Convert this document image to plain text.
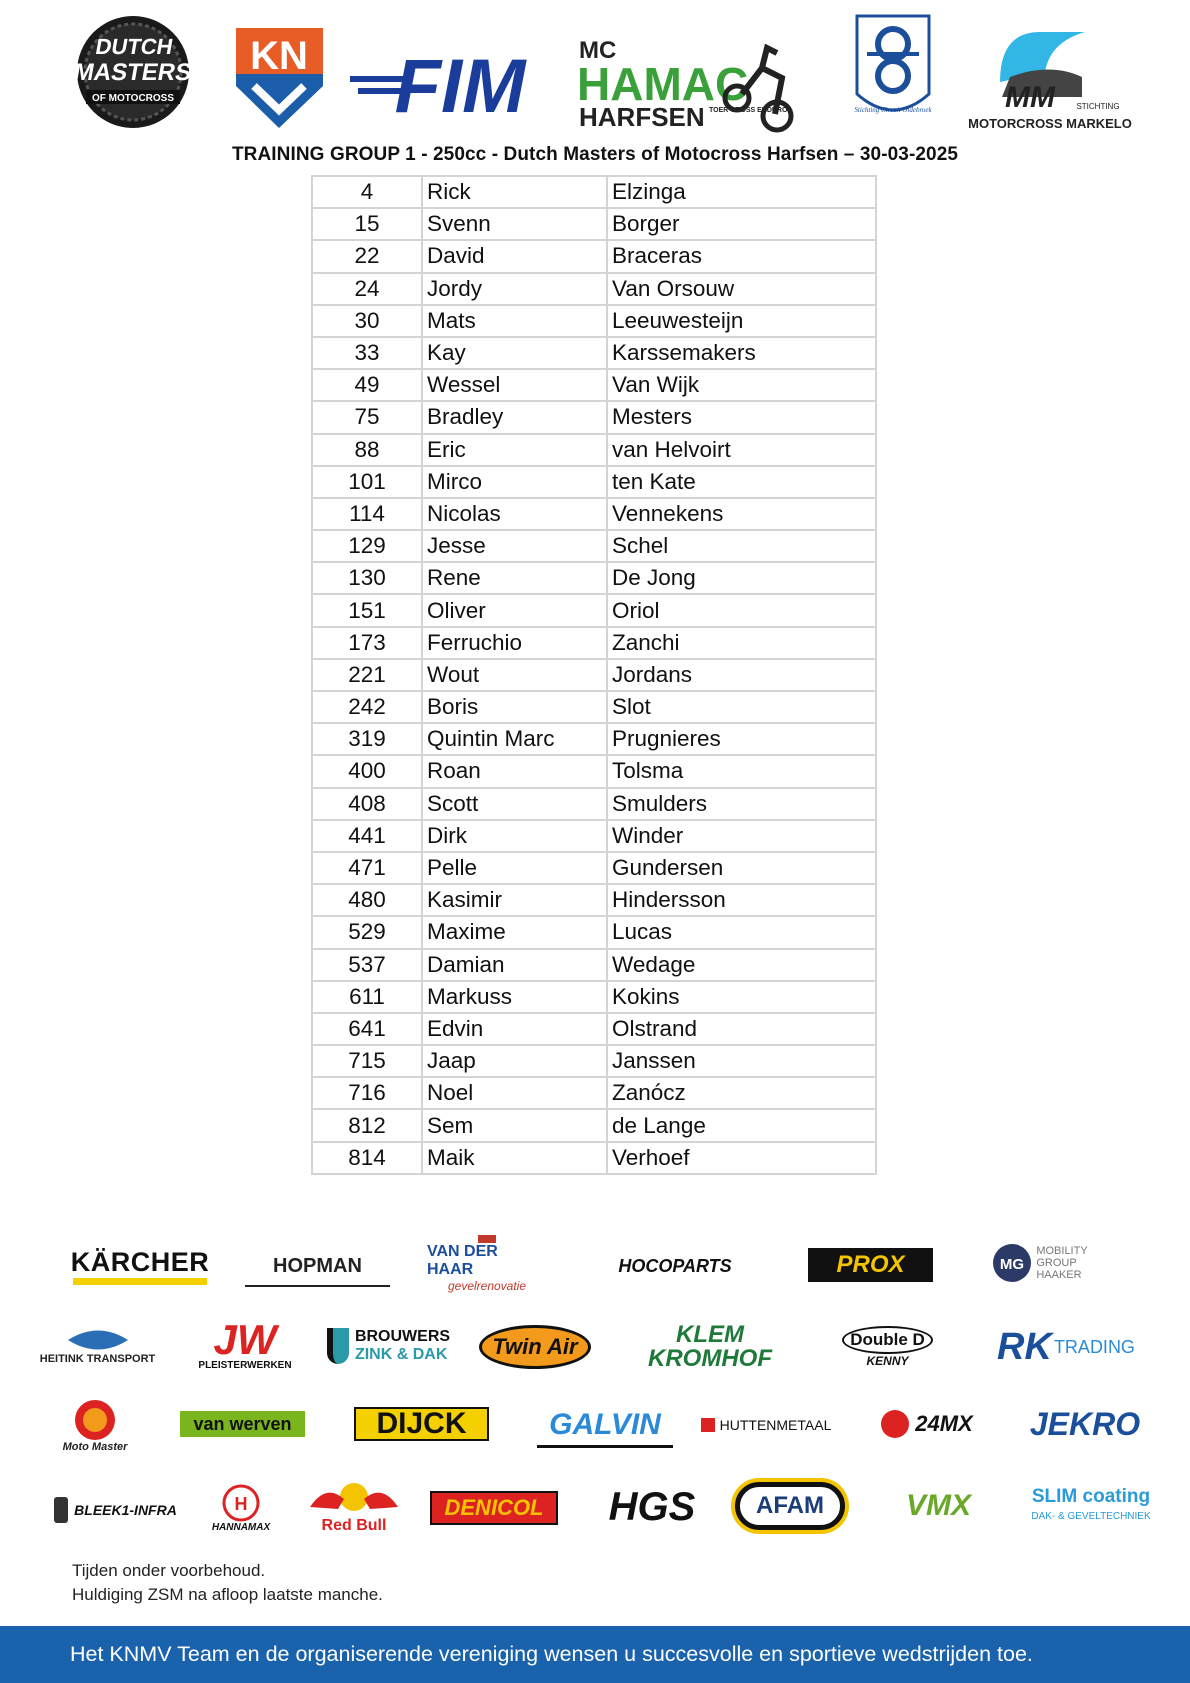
DUTCH
MASTERS
OF MOTOCROSS
KN FIM MC
HAMAC
HARFSEN TOER CROSS ENDURO	Stichting Circuit Oldebroek MM	STICHTING
MOTORCROSS MARKELO
TRAINING GROUP 1 - 250cc - Dutch Masters of Motocross Harfsen – 30-03-2025
4	Rick	Elzinga
15	Svenn	Borger
22	David	Braceras
24	Jordy	Van Orsouw
30	Mats	Leeuwesteijn
33	Kay	Karssemakers
49	Wessel	Van Wijk
75	Bradley	Mesters
88	Eric	van Helvoirt
101	Mirco	ten Kate
114	Nicolas	Vennekens
129	Jesse	Schel
130	Rene	De Jong
151	Oliver	Oriol
173	Ferruchio	Zanchi
221	Wout	Jordans
242	Boris	Slot
319	Quintin Marc	Prugnieres
400	Roan	Tolsma
408	Scott	Smulders
441	Dirk	Winder
471	Pelle	Gundersen
480	Kasimir	Hindersson
529	Maxime	Lucas
537	Damian	Wedage
611	Markuss	Kokins
641	Edvin	Olstrand
715	Jaap	Janssen
716	Noel	Zanócz
812	Sem	de Lange
814	Maik	Verhoef
KÄRCHER	HOPMAN
VAN DER HAAR
gevelrenovatie
HOCOPARTS	PROX	MG
MOBILITY
GROUP
HAAKER
HEITINK TRANSPORT JW
PLEISTERWERKEN
BROUWERS
ZINK & DAK Twin Air	KLEM
KROMHOF
Double D
KENNY RK TRADING
Moto Master
van werven	DIJCK	GALVIN	HUTTENMETAAL	24MX JEKRO
BLEEK1-INFRA	H
HANNAMAX	Red Bull
DENICOL HGS	AFAM	VMX	SLIM coating
DAK- & GEVELTECHNIEK
Tijden onder voorbehoud.
Huldiging ZSM na afloop laatste manche.
Het KNMV Team en de organiserende vereniging wensen u succesvolle en sportieve wedstrijden toe.
